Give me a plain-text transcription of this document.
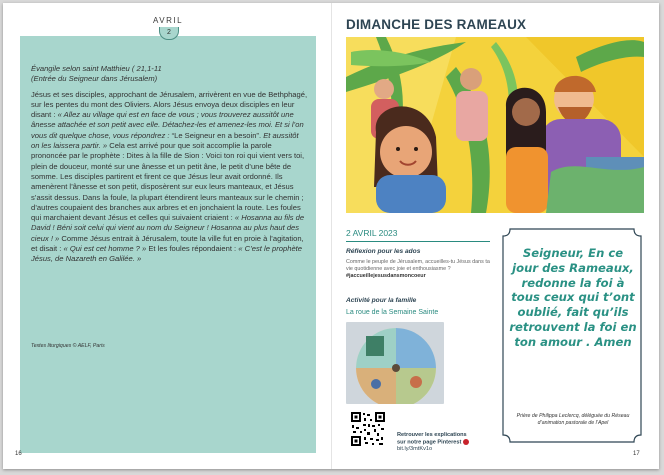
AVRIL
2
Évangile selon saint Matthieu ( 21,1-11
(Entrée du Seigneur dans Jérusalem)

Jésus et ses disciples, approchant de Jérusalem, arrivèrent en vue de Bethphagé, sur les pentes du mont des Oliviers. Alors Jésus envoya deux disciples en leur disant : « Allez au village qui est en face de vous ; vous trouverez aussitôt une ânesse attachée et son petit avec elle. Détachez-les et amenez-les moi. Et si l’on vous dit quelque chose, vous répondrez : “Le Seigneur en a besoin”. Et aussitôt on les laissera partir. » Cela est arrivé pour que soit accomplie la parole prononcée par le prophète : Dites à la fille de Sion : Voici ton roi qui vient vers toi, plein de douceur, monté sur une ânesse et un petit âne, le petit d’une bête de somme. Les disciples partirent et firent ce que Jésus leur avait ordonné. Ils amenèrent l’ânesse et son petit, disposèrent sur eux leurs manteaux, et Jésus s’assit dessus. Dans la foule, la plupart étendirent leurs manteaux sur le chemin ; d’autres coupaient des branches aux arbres et en jonchaient la route. Les foules qui marchaient devant Jésus et celles qui suivaient criaient : « Hosanna au fils de David ! Béni soit celui qui vient au nom du Seigneur ! Hosanna au plus haut des cieux ! » Comme Jésus entrait à Jérusalem, toute la ville fut en proie à l’agitation, et disait : « Qui est cet homme ? » Et les foules répondaient : « C’est le prophète Jésus, de Nazareth en Galilée. »

Textes liturgiques © AELF, Paris
16
DIMANCHE DES RAMEAUX
2 AVRIL 2023
Réflexion pour les ados
Comme le peuple de Jérusalem, accueilles-tu Jésus dans ta vie quotidienne avec joie et enthousiasme ?
#jaccueillejesusdansmoncoeur
Activité pour la famille
La roue de la Semaine Sainte
Retrouver les explications
sur notre page Pinterest
bit.ly/3mtKv1o
Seigneur, En ce jour des Rameaux, redonne la foi à tous ceux qui t’ont oublié, fait qu’ils retrouvent la foi en ton amour . Amen
Prière de Philippa Leclercq, déléguée du Réseau d’animation pastorale de l’Apel
17
